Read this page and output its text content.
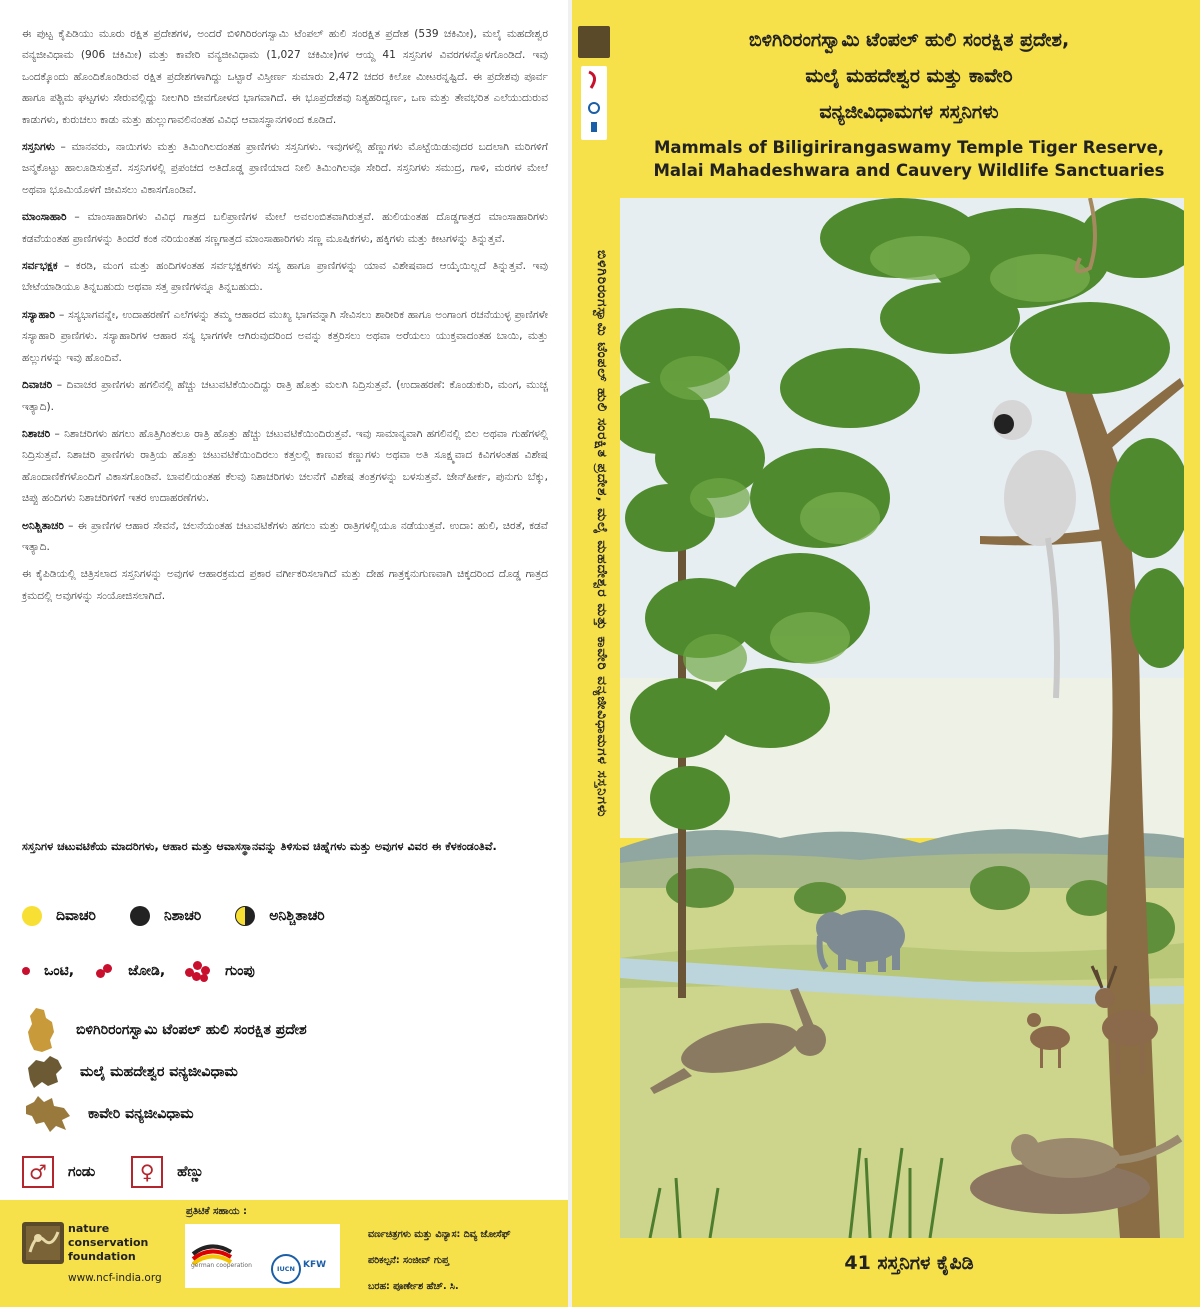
ಈ ಪುಟ್ಟ ಕೈಪಿಡಿಯು ಮೂರು ರಕ್ಷಿತ ಪ್ರದೇಶಗಳ, ಅಂದರೆ ಬಿಳಿಗಿರಿರಂಗಸ್ವಾಮಿ ಟೆಂಪಲ್ ಹುಲಿ ಸಂರಕ್ಷಿತ ಪ್ರದೇಶ (539 ಚಕಿಮೀ), ಮಲೈ ಮಹದೇಶ್ವರ ವನ್ಯಜೀವಿಧಾಮ (906 ಚಕಿಮೀ) ಮತ್ತು ಕಾವೇರಿ ವನ್ಯಜೀವಿಧಾಮ (1,027 ಚಕಿಮೀ)ಗಳ ಆಯ್ದ 41 ಸಸ್ತನಿಗಳ ವಿವರಗಳನ್ನೊಳಗೊಂಡಿದೆ. ಇವು ಒಂದಕ್ಕೊಂದು ಹೊಂದಿಕೊಂಡಿರುವ ರಕ್ಷಿತ ಪ್ರದೇಶಗಳಾಗಿದ್ದು ಒಟ್ಟಾರೆ ವಿಸ್ತೀರ್ಣ ಸುಮಾರು 2,472 ಚದರ ಕಿಲೋ ಮೀಟರನ್ನಷ್ಟಿದೆ. ಈ ಪ್ರದೇಶವು ಪೂರ್ವ ಹಾಗೂ ಪಶ್ಚಿಮ ಘಟ್ಟಗಳು ಸೇರುವಲ್ಲಿದ್ದು ನೀಲಗಿರಿ ಜೀವಗೋಳದ ಭಾಗವಾಗಿದೆ. ಈ ಭೂಪ್ರದೇಶವು ನಿತ್ಯಹರಿದ್ವರ್ಣ, ಒಣ ಮತ್ತು ತೇವಭರಿತ ಎಲೆಯುದುರುವ ಕಾಡುಗಳು, ಕುರುಚಲು ಕಾಡು ಮತ್ತು ಹುಲ್ಲುಗಾವಲಿನಂತಹ ವಿವಿಧ ಆವಾಸಸ್ಥಾನಗಳಿಂದ ಕೂಡಿದೆ.

ಸಸ್ತನಿಗಳು – ಮಾನವರು, ನಾಯಿಗಳು ಮತ್ತು ತಿಮಿಂಗಿಲದಂತಹ ಪ್ರಾಣಿಗಳು ಸಸ್ತನಿಗಳು. ಇವುಗಳಲ್ಲಿ ಹೆಣ್ಣುಗಳು ಮೊಟ್ಟೆಯಿಡುವುದರ ಬದಲಾಗಿ ಮರಿಗಳಿಗೆ ಜನ್ಮಕೊಟ್ಟು ಹಾಲೂಡಿಸುತ್ತವೆ. ಸಸ್ತನಿಗಳಲ್ಲಿ ಪ್ರಪಂಚದ ಅತಿದೊಡ್ಡ ಪ್ರಾಣಿಯಾದ ನೀಲಿ ತಿಮಿಂಗಿಲವೂ ಸೇರಿದೆ. ಸಸ್ತನಿಗಳು ಸಮುದ್ರ, ಗಾಳಿ, ಮರಗಳ ಮೇಲೆ ಅಥವಾ ಭೂಮಿಯೊಳಗೆ ಜೀವಿಸಲು ವಿಕಾಸಗೊಂಡಿವೆ.

ಮಾಂಸಾಹಾರಿ – ಮಾಂಸಾಹಾರಿಗಳು ವಿವಿಧ ಗಾತ್ರದ ಬಲಿಪ್ರಾಣಿಗಳ ಮೇಲೆ ಅವಲಂಬಿತವಾಗಿರುತ್ತವೆ. ಹುಲಿಯಂತಹ ದೊಡ್ಡಗಾತ್ರದ ಮಾಂಸಾಹಾರಿಗಳು ಕಡವೆಯಂತಹ ಪ್ರಾಣಿಗಳನ್ನು ತಿಂದರೆ ಕಂಕ ನರಿಯಂತಹ ಸಣ್ಣಗಾತ್ರದ ಮಾಂಸಾಹಾರಿಗಳು ಸಣ್ಣ ಮೂಷಿಕಗಳು, ಹಕ್ಕಿಗಳು ಮತ್ತು ಕೀಟಗಳನ್ನು ತಿನ್ನುತ್ತವೆ.

ಸರ್ವಭಕ್ಷಕ – ಕರಡಿ, ಮಂಗ ಮತ್ತು ಹಂದಿಗಳಂತಹ ಸರ್ವಭಕ್ಷಕಗಳು ಸಸ್ಯ ಹಾಗೂ ಪ್ರಾಣಿಗಳನ್ನು ಯಾವ ವಿಶೇಷವಾದ ಆಯ್ಕೆಯಿಲ್ಲದೆ ತಿನ್ನುತ್ತವೆ. ಇವು ಬೇಟೆಯಾಡಿಯೂ ತಿನ್ನಬಹುದು ಅಥವಾ ಸತ್ತ ಪ್ರಾಣಿಗಳನ್ನೂ ತಿನ್ನಬಹುದು.

ಸಸ್ಯಾಹಾರಿ – ಸಸ್ಯಭಾಗವನ್ನೇ, ಉದಾಹರಣೆಗೆ ಎಲೆಗಳನ್ನು ತಮ್ಮ ಆಹಾರದ ಮುಖ್ಯ ಭಾಗವನ್ನಾಗಿ ಸೇವಿಸಲು ಶಾರೀರಿಕ ಹಾಗೂ ಅಂಗಾಂಗ ರಚನೆಯುಳ್ಳ ಪ್ರಾಣಿಗಳೇ ಸಸ್ಯಾಹಾರಿ ಪ್ರಾಣಿಗಳು. ಸಸ್ಯಾಹಾರಿಗಳ ಆಹಾರ ಸಸ್ಯ ಭಾಗಗಳೇ ಆಗಿರುವುದರಿಂದ ಅವನ್ನು ಕತ್ತರಿಸಲು ಅಥವಾ ಅರೆಯಲು ಯುಕ್ತವಾದಂತಹ ಬಾಯಿ, ಮತ್ತು ಹಲ್ಲುಗಳನ್ನು ಇವು ಹೊಂದಿವೆ.

ದಿವಾಚರಿ – ದಿವಾಚರ ಪ್ರಾಣಿಗಳು ಹಗಲಿನಲ್ಲಿ ಹೆಚ್ಚು ಚಟುವಟಿಕೆಯಿಂದಿದ್ದು ರಾತ್ರಿ ಹೊತ್ತು ಮಲಗಿ ನಿದ್ರಿಸುತ್ತವೆ. (ಉದಾಹರಣೆ: ಕೊಂಡುಕುರಿ, ಮಂಗ, ಮುಚ್ಚ ಇತ್ಯಾದಿ).

ನಿಶಾಚರಿ – ನಿಶಾಚರಿಗಳು ಹಗಲು ಹೊತ್ತಿಗಿಂತಲೂ ರಾತ್ರಿ ಹೊತ್ತು ಹೆಚ್ಚು ಚಟುವಟಿಕೆಯಿಂದಿರುತ್ತವೆ. ಇವು ಸಾಮಾನ್ಯವಾಗಿ ಹಗಲಿನಲ್ಲಿ ಬಿಲ ಅಥವಾ ಗುಹೆಗಳಲ್ಲಿ ನಿದ್ರಿಸುತ್ತವೆ. ನಿಶಾಚರಿ ಪ್ರಾಣಿಗಳು ರಾತ್ರಿಯ ಹೊತ್ತು ಚಟುವಟಿಕೆಯಿಂದಿರಲು ಕತ್ತಲಲ್ಲಿ ಕಾಣುವ ಕಣ್ಣುಗಳು ಅಥವಾ ಅತಿ ಸೂಕ್ಷ್ಮವಾದ ಕಿವಿಗಳಂತಹ ವಿಶೇಷ ಹೊಂದಾಣಿಕೆಗಳೊಂದಿಗೆ ವಿಕಾಸಗೊಂಡಿವೆ. ಬಾವಲಿಯಂತಹ ಕೆಲವು ನಿಶಾಚರಿಗಳು ಚಲನೆಗೆ ವಿಶೇಷ ತಂತ್ರಗಳನ್ನು ಬಳಸುತ್ತವೆ. ಜೇನ್‌ಹೀರ್ಕ, ಪುನುಗು ಬೆಕ್ಕು, ಚಿಪ್ಪು ಹಂದಿಗಳು ನಿಶಾಚರಿಗಳಿಗೆ ಇತರ ಉದಾಹರಣೆಗಳು.

ಅನಿಶ್ಚಿತಾಚರಿ – ಈ ಪ್ರಾಣಿಗಳ ಆಹಾರ ಸೇವನೆ, ಚಲನೆಯಂತಹ ಚಟುವಟಿಕೆಗಳು ಹಗಲು ಮತ್ತು ರಾತ್ರಿಗಳಲ್ಲಿಯೂ ನಡೆಯುತ್ತವೆ. ಉದಾ: ಹುಲಿ, ಚಿರತೆ, ಕಡವೆ ಇತ್ಯಾದಿ.

ಈ ಕೈಪಿಡಿಯಲ್ಲಿ ಚಿತ್ರಿಸಲಾದ ಸಸ್ತನಿಗಳನ್ನು ಅವುಗಳ ಆಹಾರಕ್ರಮದ ಪ್ರಕಾರ ವರ್ಗೀಕರಿಸಲಾಗಿದೆ ಮತ್ತು ದೇಹ ಗಾತ್ರಕ್ಕನುಗುಣವಾಗಿ ಚಿಕ್ಕದರಿಂದ ದೊಡ್ಡ ಗಾತ್ರದ ಕ್ರಮದಲ್ಲಿ ಅವುಗಳನ್ನು ಸಂಯೋಜಿಸಲಾಗಿದೆ.

ಸಸ್ತನಿಗಳ ಚಟುವಟಿಕೆಯ ಮಾದರಿಗಳು, ಆಹಾರ ಮತ್ತು ಆವಾಸಸ್ಥಾನವನ್ನು ತಿಳಿಸುವ ಚಿಹ್ನೆಗಳು ಮತ್ತು ಅವುಗಳ ವಿವರ ಈ ಕೆಳಕಂಡಂತಿವೆ.
ದಿವಾಚರಿ	ನಿಶಾಚರಿ	ಅನಿಶ್ಚಿತಾಚರಿ
ಒಂಟಿ,	ಜೋಡಿ,	ಗುಂಪು
ಬಿಳಿಗಿರಿರಂಗಸ್ವಾಮಿ ಟೆಂಪಲ್ ಹುಲಿ ಸಂರಕ್ಷಿತ ಪ್ರದೇಶ
ಮಲೈ ಮಹದೇಶ್ವರ ವನ್ಯಜೀವಿಧಾಮ
ಕಾವೇರಿ ವನ್ಯಜೀವಿಧಾಮ
♂	ಗಂಡು	♀	ಹೆಣ್ಣು
nature
conservation
foundation
www.ncf-india.org
ಪ್ರತಿಟಿಕೆ ಸಹಾಯ :
german cooperation	IUCN KFW
ವರ್ಣಚಿತ್ರಗಳು ಮತ್ತು ವಿನ್ಯಾಸ: ದಿವ್ಯ ಜೋಸೆಫ್
ಪರಿಕಲ್ಪನೆ: ಸಂಜೀವ್ ಗುಪ್ತ
ಬರಹ: ಪೂರ್ಣೇಶ ಹೆಚ್. ಸಿ.
ಬಿಳಿಗಿರಿರಂಗಸ್ವಾಮಿ ಟೆಂಪಲ್ ಹುಲಿ ಸಂರಕ್ಷಿತ ಪ್ರದೇಶ, ಮಲೈ ಮಹದೇಶ್ವರ ಮತ್ತು ಕಾವೇರಿ ವನ್ಯಜೀವಿಧಾಮಗಳ ಸಸ್ತನಿಗಳು
ಬಿಳಿಗಿರಿರಂಗಸ್ವಾಮಿ ಟೆಂಪಲ್ ಹುಲಿ ಸಂರಕ್ಷಿತ ಪ್ರದೇಶ,
ಮಲೈ ಮಹದೇಶ್ವರ ಮತ್ತು ಕಾವೇರಿ
ವನ್ಯಜೀವಿಧಾಮಗಳ ಸಸ್ತನಿಗಳು
Mammals of Biligirirangaswamy Temple Tiger Reserve,
Malai Mahadeshwara and Cauvery Wildlife Sanctuaries
41 ಸಸ್ತನಿಗಳ ಕೈಪಿಡಿ
